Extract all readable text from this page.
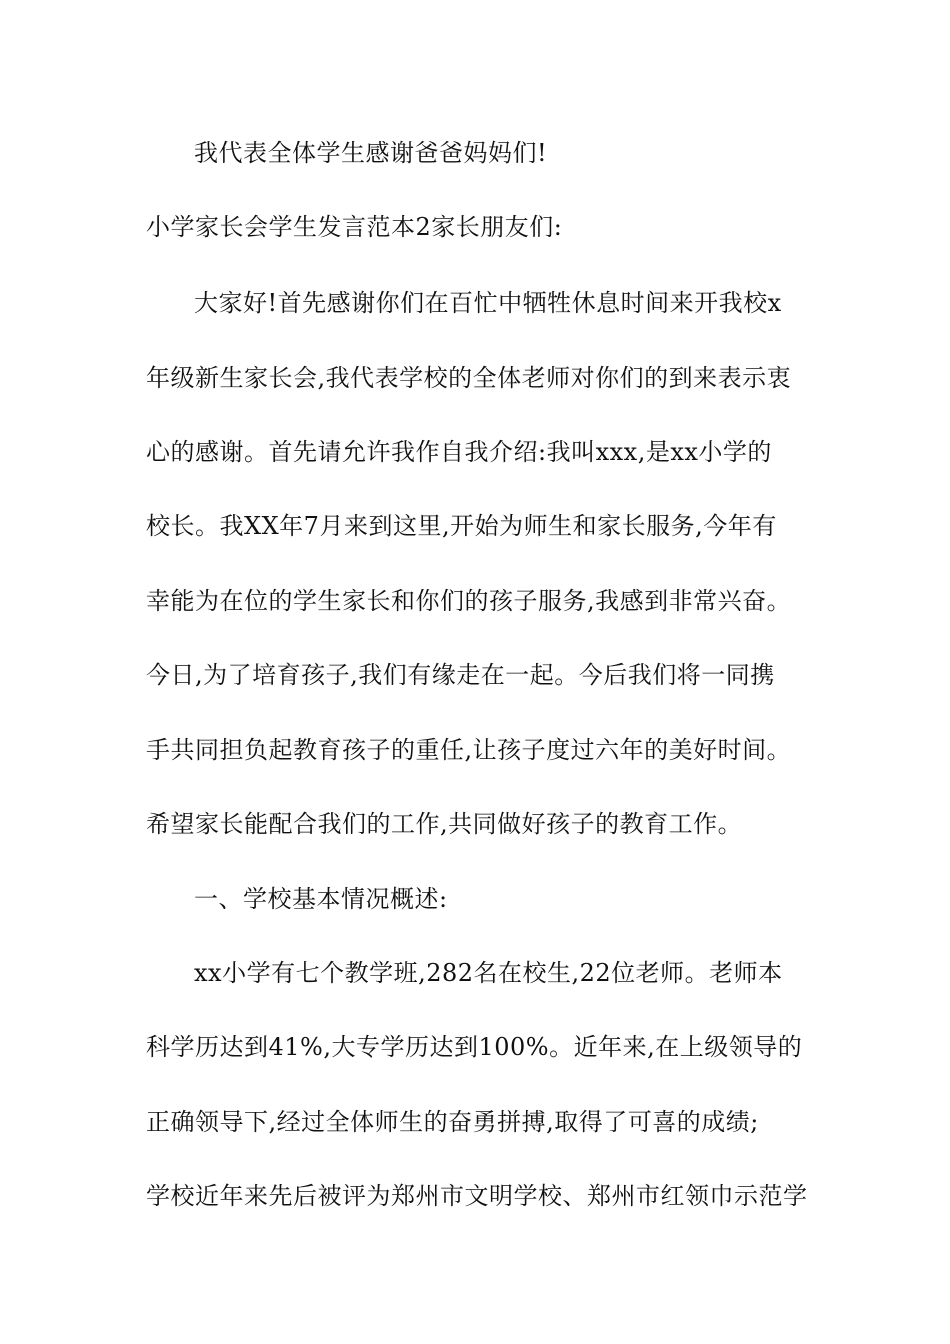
我代表全体学生感谢爸爸妈妈们!
小学家长会学生发言范本2家长朋友们:
大家好!首先感谢你们在百忙中牺牲休息时间来开我校x
年级新生家长会,我代表学校的全体老师对你们的到来表示衷
心的感谢。首先请允许我作自我介绍:我叫xxx,是xx小学的
校长。我XX年7月来到这里,开始为师生和家长服务,今年有
幸能为在位的学生家长和你们的孩子服务,我感到非常兴奋。
今日,为了培育孩子,我们有缘走在一起。今后我们将一同携
手共同担负起教育孩子的重任,让孩子度过六年的美好时间。
希望家长能配合我们的工作,共同做好孩子的教育工作。
一、学校基本情况概述:
xx小学有七个教学班,282名在校生,22位老师。老师本
科学历达到41%,大专学历达到100%。近年来,在上级领导的
正确领导下,经过全体师生的奋勇拼搏,取得了可喜的成绩;
学校近年来先后被评为郑州市文明学校、郑州市红领巾示范学
